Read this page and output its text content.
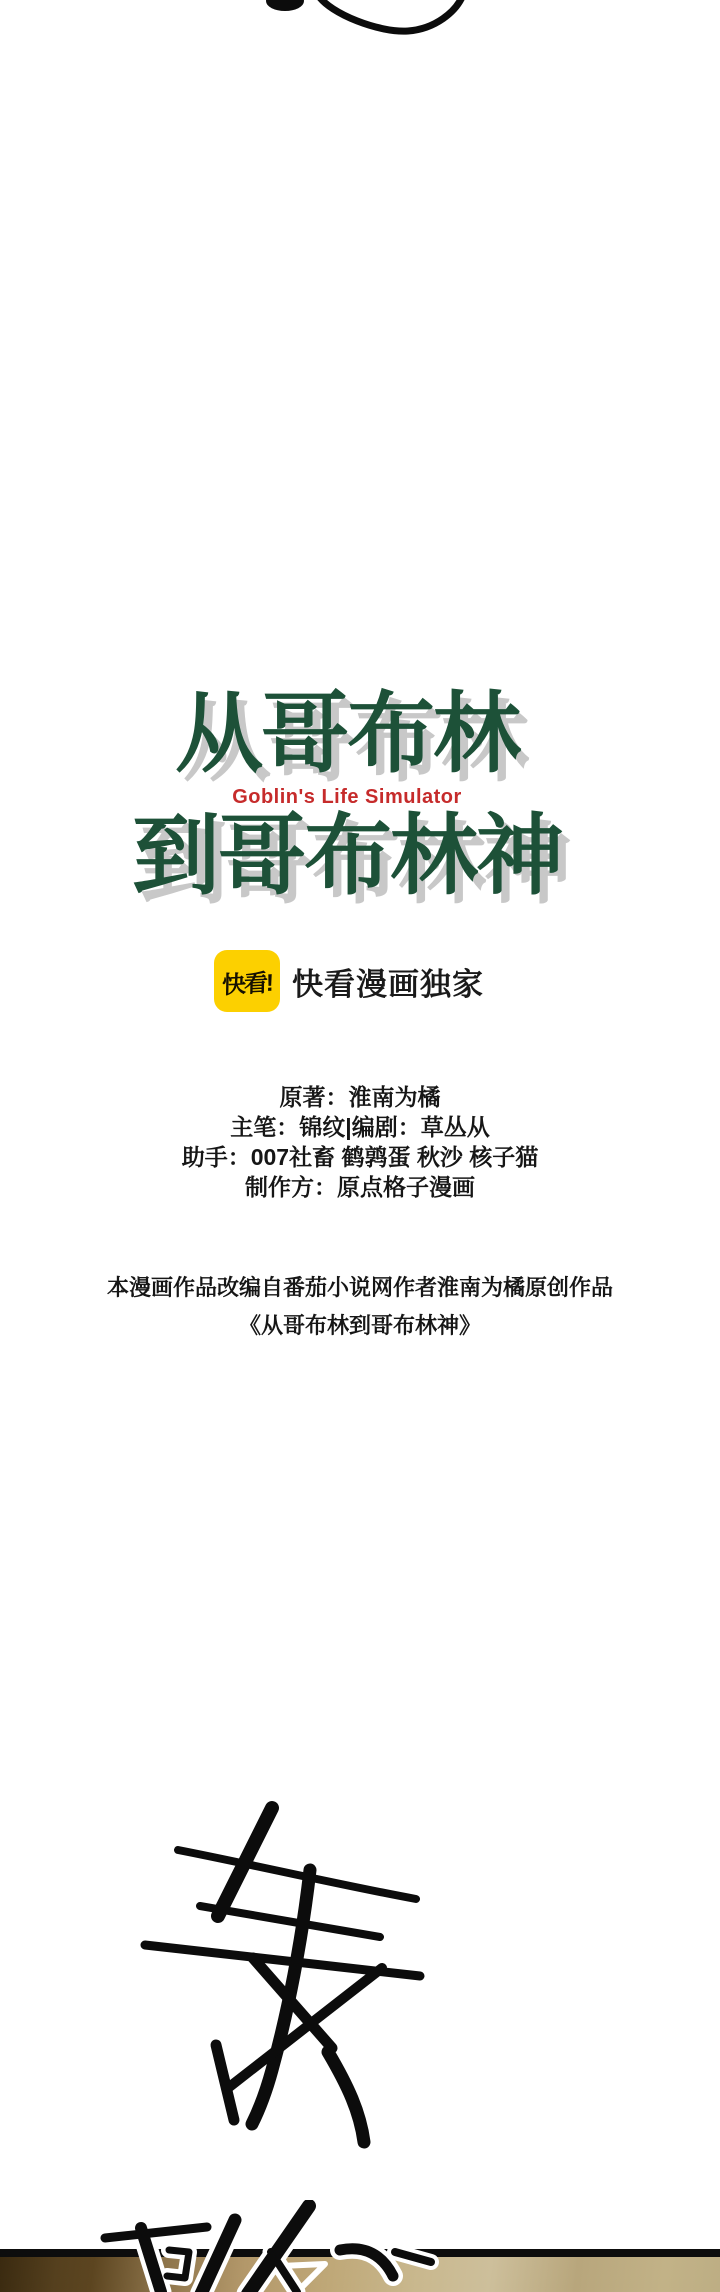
从哥布林
Goblin's Life Simulator
到哥布林神
快看! 快看漫画独家
原著：淮南为橘
主笔：锦纹|编剧：草丛从
助手：007社畜 鹤鹑蛋 秋沙 核子猫
制作方：原点格子漫画
本漫画作品改编自番茄小说网作者淮南为橘原创作品
《从哥布林到哥布林神》
